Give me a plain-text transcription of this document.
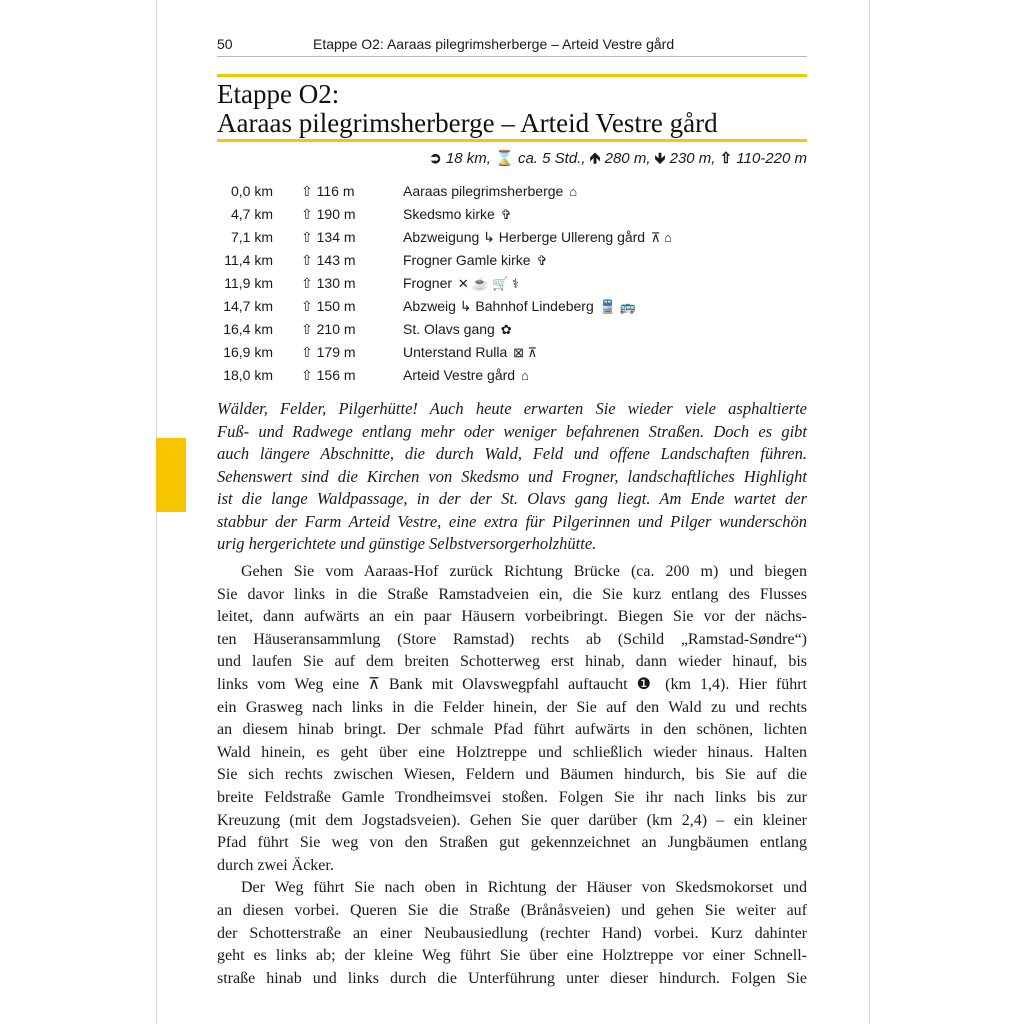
50	Etappe O2: Aaraas pilegrimsherberge – Arteid Vestre gård
Etappe O2:
Aaraas pilegrimsherberge – Arteid Vestre gård
➲ 18 km, ⌛ ca. 5 Std., 🡹 280 m, 🡻 230 m, ⇧ 110-220 m
0,0 km ⇧ 116 m	Aaraas pilegrimsherberge ⌂
4,7 km ⇧ 190 m	Skedsmo kirke ✞
7,1 km ⇧ 134 m	Abzweigung ↳ Herberge Ullereng gård ⊼ ⌂
11,4 km ⇧ 143 m	Frogner Gamle kirke ✞
11,9 km ⇧ 130 m	Frogner ✕ ☕ 🛒 ⚕
14,7 km ⇧ 150 m	Abzweig ↳ Bahnhof Lindeberg 🚆 🚌
16,4 km ⇧ 210 m	St. Olavs gang ✿
16,9 km ⇧ 179 m	Unterstand Rulla ⊠ ⊼
18,0 km ⇧ 156 m	Arteid Vestre gård ⌂
Wälder, Felder, Pilgerhütte! Auch heute erwarten Sie wieder viele asphaltierte
Fuß- und Radwege entlang mehr oder weniger befahrenen Straßen. Doch es gibt
auch längere Abschnitte, die durch Wald, Feld und offene Landschaften führen.
Sehenswert sind die Kirchen von Skedsmo und Frogner, landschaftliches Highlight
ist die lange Waldpassage, in der der St. Olavs gang liegt. Am Ende wartet der
stabbur der Farm Arteid Vestre, eine extra für Pilgerinnen und Pilger wunderschön
urig hergerichtete und günstige Selbstversorgerholzhütte.
Gehen Sie vom Aaraas-Hof zurück Richtung Brücke (ca. 200 m) und biegen
Sie davor links in die Straße Ramstadveien ein, die Sie kurz entlang des Flusses
leitet, dann aufwärts an ein paar Häusern vorbeibringt. Biegen Sie vor der nächs-
ten Häuseransammlung (Store Ramstad) rechts ab (Schild „Ramstad-Søndre“)
und laufen Sie auf dem breiten Schotterweg erst hinab, dann wieder hinauf, bis
links vom Weg eine ⊼ Bank mit Olavswegpfahl auftaucht ❶ (km 1,4). Hier führt
ein Grasweg nach links in die Felder hinein, der Sie auf den Wald zu und rechts
an diesem hinab bringt. Der schmale Pfad führt aufwärts in den schönen, lichten
Wald hinein, es geht über eine Holztreppe und schließlich wieder hinaus. Halten
Sie sich rechts zwischen Wiesen, Feldern und Bäumen hindurch, bis Sie auf die
breite Feldstraße Gamle Trondheimsvei stoßen. Folgen Sie ihr nach links bis zur
Kreuzung (mit dem Jogstadsveien). Gehen Sie quer darüber (km 2,4) – ein kleiner
Pfad führt Sie weg von den Straßen gut gekennzeichnet an Jungbäumen entlang
durch zwei Äcker.
Der Weg führt Sie nach oben in Richtung der Häuser von Skedsmokorset und
an diesen vorbei. Queren Sie die Straße (Brånåsveien) und gehen Sie weiter auf
der Schotterstraße an einer Neubausiedlung (rechter Hand) vorbei. Kurz dahinter
geht es links ab; der kleine Weg führt Sie über eine Holztreppe vor einer Schnell-
straße hinab und links durch die Unterführung unter dieser hindurch. Folgen Sie
